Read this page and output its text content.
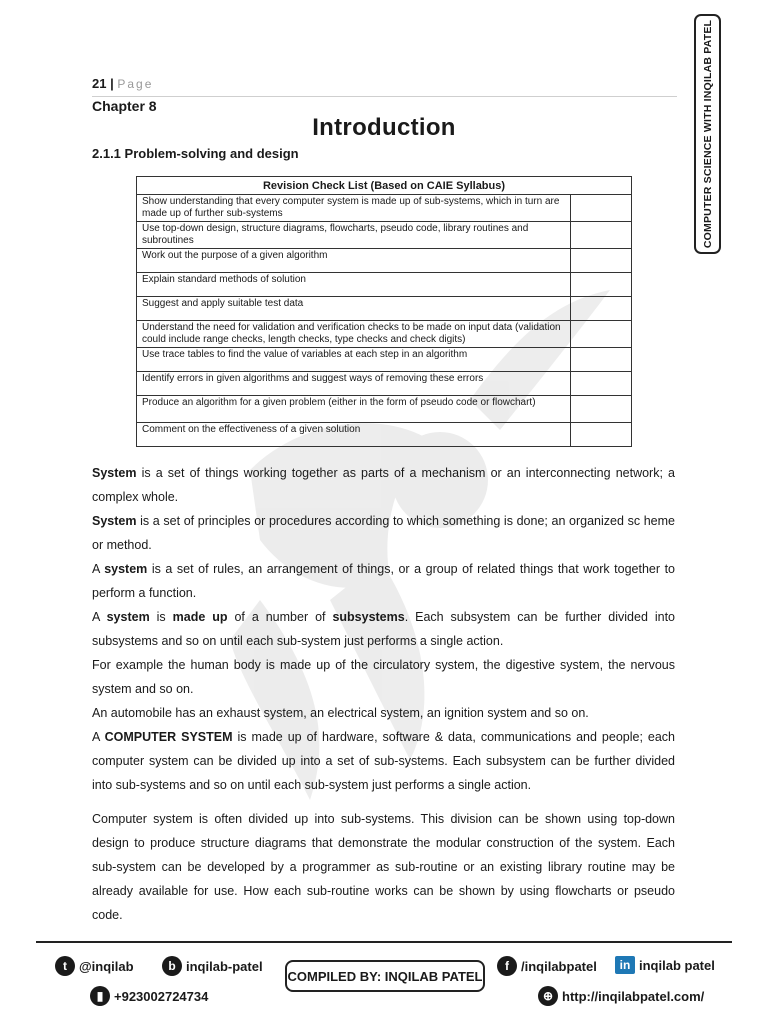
COMPUTER SCIENCE WITH INQILAB PATEL
21 | Page
Chapter 8
Introduction
2.1.1 Problem-solving and design
Revision Check List (Based on CAIE Syllabus)	
Show understanding that every computer system is made up of sub-systems, which in turn are made up of further sub-systems	
Use top-down design, structure diagrams, flowcharts, pseudo code, library routines and subroutines	
Work out the purpose of a given algorithm	
Explain standard methods of solution	
Suggest and apply suitable test data	
Understand the need for validation and verification checks to be made on input data (validation could include range checks, length checks, type checks and check digits)	
Use trace tables to find the value of variables at each step in an algorithm	
Identify errors in given algorithms and suggest ways of removing these errors	
Produce an algorithm for a given problem (either in the form of pseudo code or flowchart)	
Comment on the effectiveness of a given solution	

System is a set of things working together as parts of a mechanism or an interconnecting network; a complex whole.

System is a set of principles or procedures according to which something is done; an organized sc heme or method.

A system is a set of rules, an arrangement of things, or a group of related things that work together to perform a function.

A system is made up of a number of subsystems. Each subsystem can be further divided into subsystems and so on until each sub-system just performs a single action.

For example the human body is made up of the circulatory system, the digestive system, the nervous system and so on.

An automobile has an exhaust system, an electrical system, an ignition system and so on.

A COMPUTER SYSTEM is made up of hardware, software & data, communications and people; each computer system can be divided up into a set of sub-systems. Each subsystem can be further divided into sub-systems and so on until each sub-system just performs a single action.

Computer system is often divided up into sub-systems. This division can be shown using top-down design to produce structure diagrams that demonstrate the modular construction of the system. Each sub-system can be developed by a programmer as sub-routine or an existing library routine may be already available for use. How each sub-routine works can be shown by using flowcharts or pseudo code.

t @inqilab	b inqilab-patel
COMPILED BY: INQILAB PATEL
f /inqilabpatel	in inqilab patel
▮ +923002724734	⊕ http://inqilabpatel.com/
